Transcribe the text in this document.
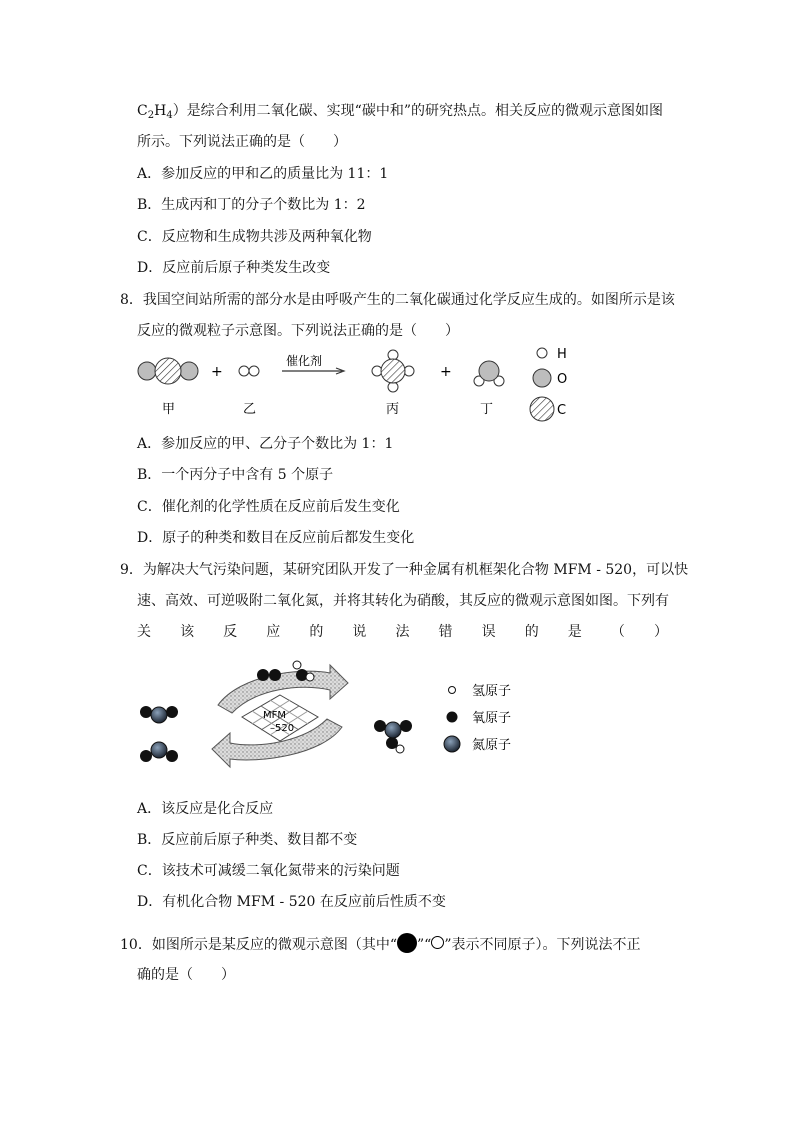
$C_2H_4$）是综合利用二氧化碳、实现“碳中和”的研究热点。相关反应的微观示意图如图
所示。下列说法正确的是（　　）
A．参加反应的甲和乙的质量比为 11：1
B．生成丙和丁的分子个数比为 1：2
C．反应物和生成物共涉及两种氧化物
D．反应前后原子种类发生改变
8．我国空间站所需的部分水是由呼吸产生的二氧化碳通过化学反应生成的。如图所示是该
反应的微观粒子示意图。下列说法正确的是（　　）
+
催化剂
+
甲	乙	丙	丁
H
O
C
A．参加反应的甲、乙分子个数比为 1：1
B．一个丙分子中含有 5 个原子
C．催化剂的化学性质在反应前后发生变化
D．原子的种类和数目在反应前后都发生变化
9．为解决大气污染问题，某研究团队开发了一种金属有机框架化合物 MFM - 520，可以快
速、高效、可逆吸附二氧化氮，并将其转化为硝酸，其反应的微观示意图如图。下列有
关 该 反 应 的 说 法 错 误 的 是 （ ）
MFM
–520
氢原子
氧原子
氮原子
A．该反应是化合反应
B．反应前后原子种类、数目都不变
C．该技术可减缓二氧化氮带来的污染问题
D．有机化合物 MFM - 520 在反应前后性质不变
10．如图所示是某反应的微观示意图（其中“ ”“ ”表示不同原子）。下列说法不正
确的是（　　）
